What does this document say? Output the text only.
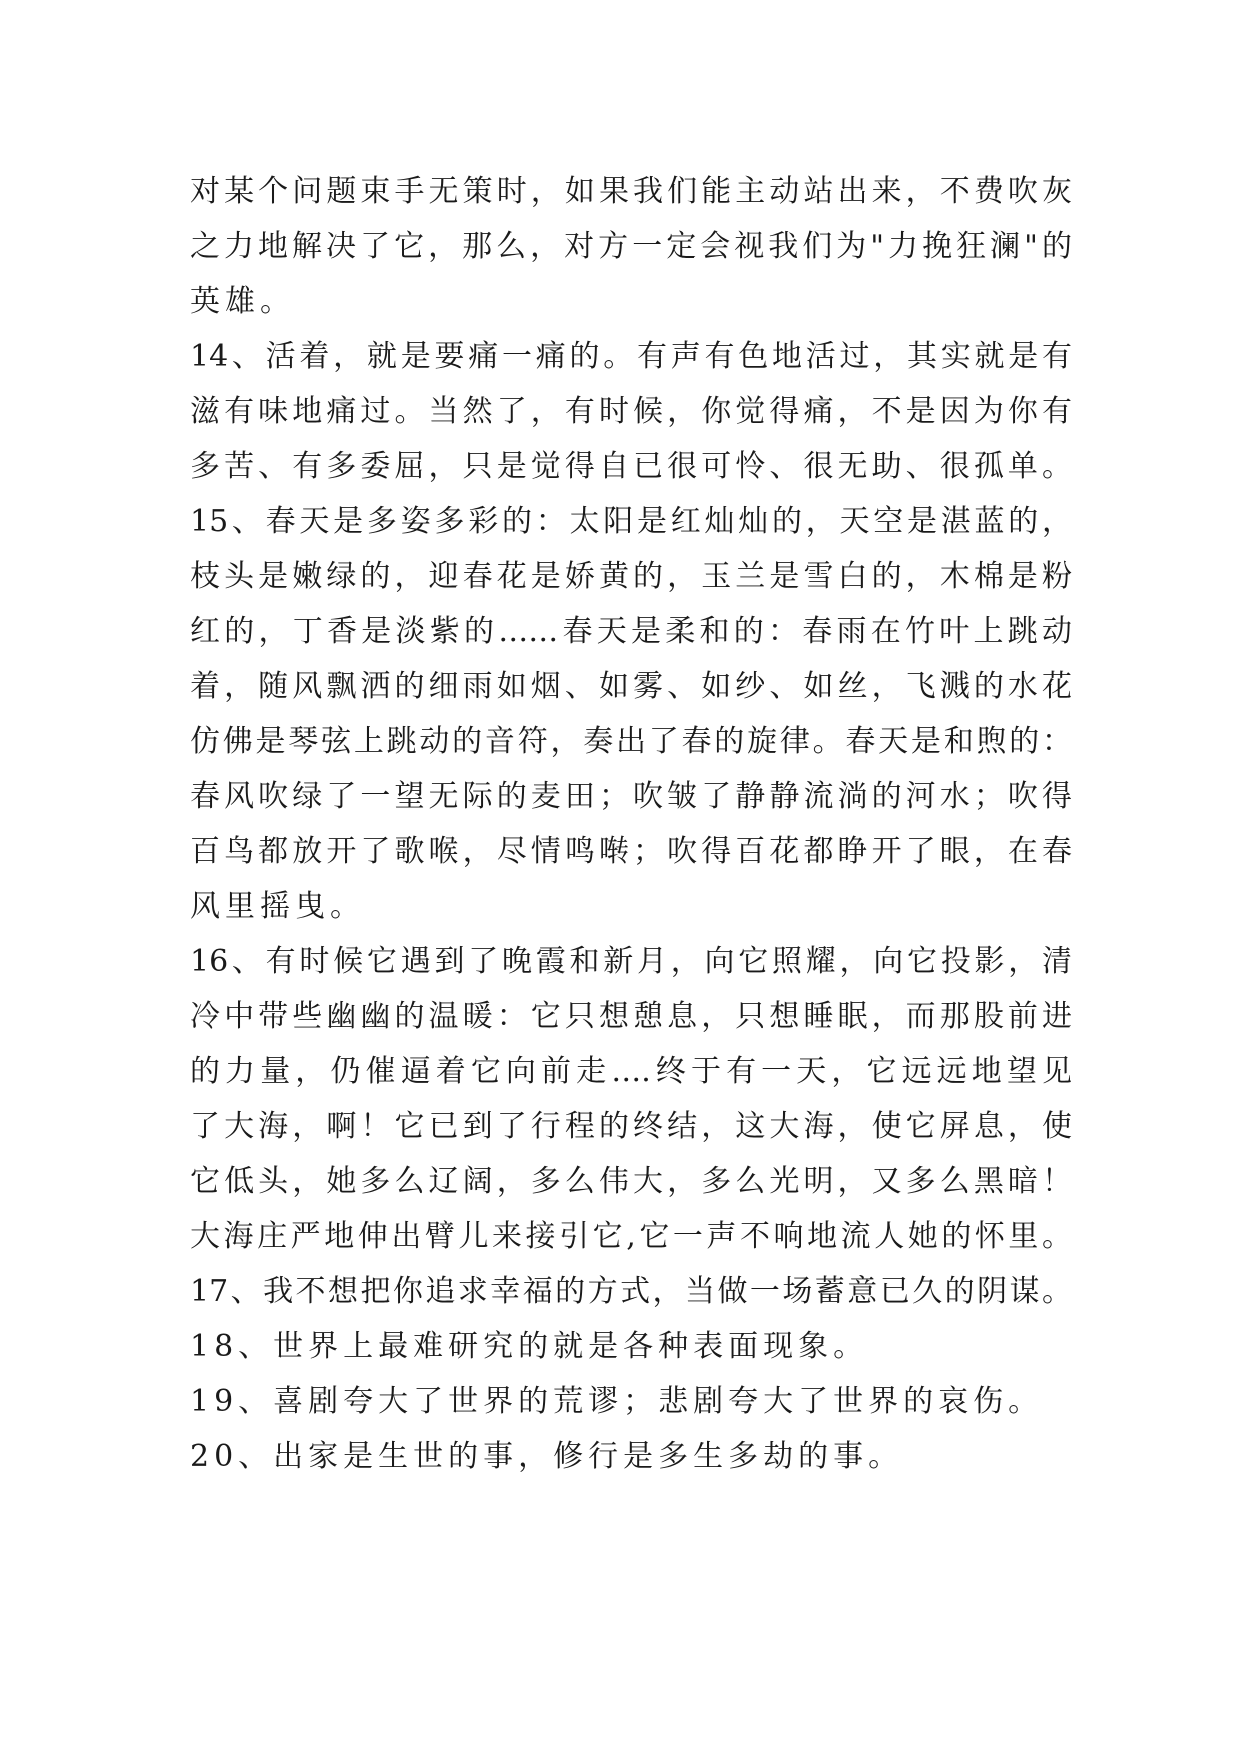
对某个问题束手无策时，如果我们能主动站出来，不费吹灰
之力地解决了它，那么，对方一定会视我们为"力挽狂澜"的
英雄。
14、活着，就是要痛一痛的。有声有色地活过，其实就是有
滋有味地痛过。当然了，有时候，你觉得痛，不是因为你有
多苦、有多委屈，只是觉得自已很可怜、很无助、很孤单。
15、春天是多姿多彩的：太阳是红灿灿的，天空是湛蓝的，
枝头是嫩绿的，迎春花是娇黄的，玉兰是雪白的，木棉是粉
红的，丁香是淡紫的……春天是柔和的：春雨在竹叶上跳动
着，随风飘洒的细雨如烟、如雾、如纱、如丝，飞溅的水花
仿佛是琴弦上跳动的音符，奏出了春的旋律。春天是和煦的：
春风吹绿了一望无际的麦田；吹皱了静静流淌的河水；吹得
百鸟都放开了歌喉，尽情鸣啭；吹得百花都睁开了眼，在春
风里摇曳。
16、有时候它遇到了晚霞和新月，向它照耀，向它投影，清
冷中带些幽幽的温暖：它只想憩息，只想睡眠，而那股前进
的力量，仍催逼着它向前走….终于有一天，它远远地望见
了大海，啊！它已到了行程的终结，这大海，使它屏息，使
它低头，她多么辽阔，多么伟大，多么光明，又多么黑暗！
大海庄严地伸出臂儿来接引它,它一声不响地流人她的怀里。
17、我不想把你追求幸福的方式，当做一场蓄意已久的阴谋。
18、世界上最难研究的就是各种表面现象。
19、喜剧夸大了世界的荒谬；悲剧夸大了世界的哀伤。
20、出家是生世的事，修行是多生多劫的事。
